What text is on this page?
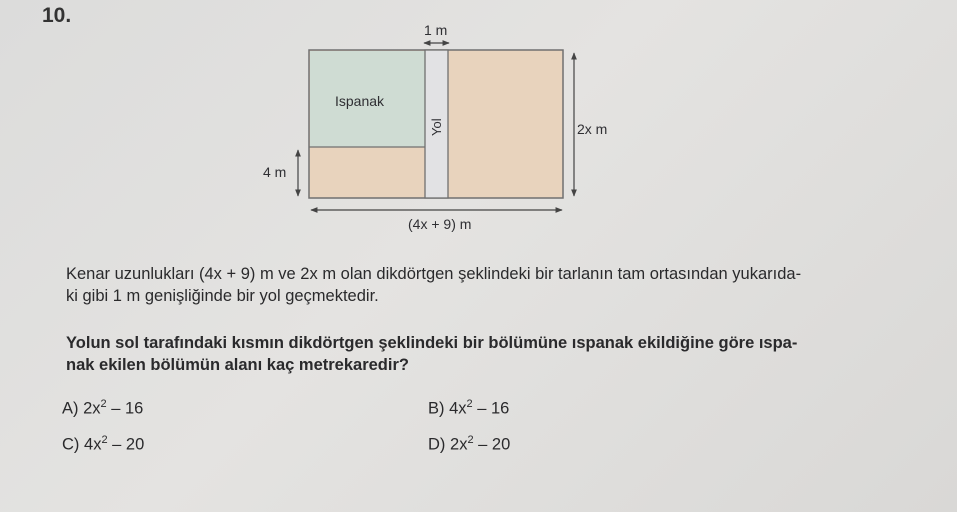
10.
Ispanak
Yol
1 m
2x m
4 m
(4x + 9) m
Kenar uzunlukları (4x + 9) m ve 2x m olan dikdörtgen şeklindeki bir tarlanın tam ortasından yukarıda-
ki gibi 1 m genişliğinde bir yol geçmektedir.
Yolun sol tarafındaki kısmın dikdörtgen şeklindeki bir bölümüne ıspanak ekildiğine göre ıspa-
nak ekilen bölümün alanı kaç metrekaredir?
A) $2x^2 - 16$	B) $4x^2 - 16$
C) $4x^2 - 20$	D) $2x^2 - 20$
